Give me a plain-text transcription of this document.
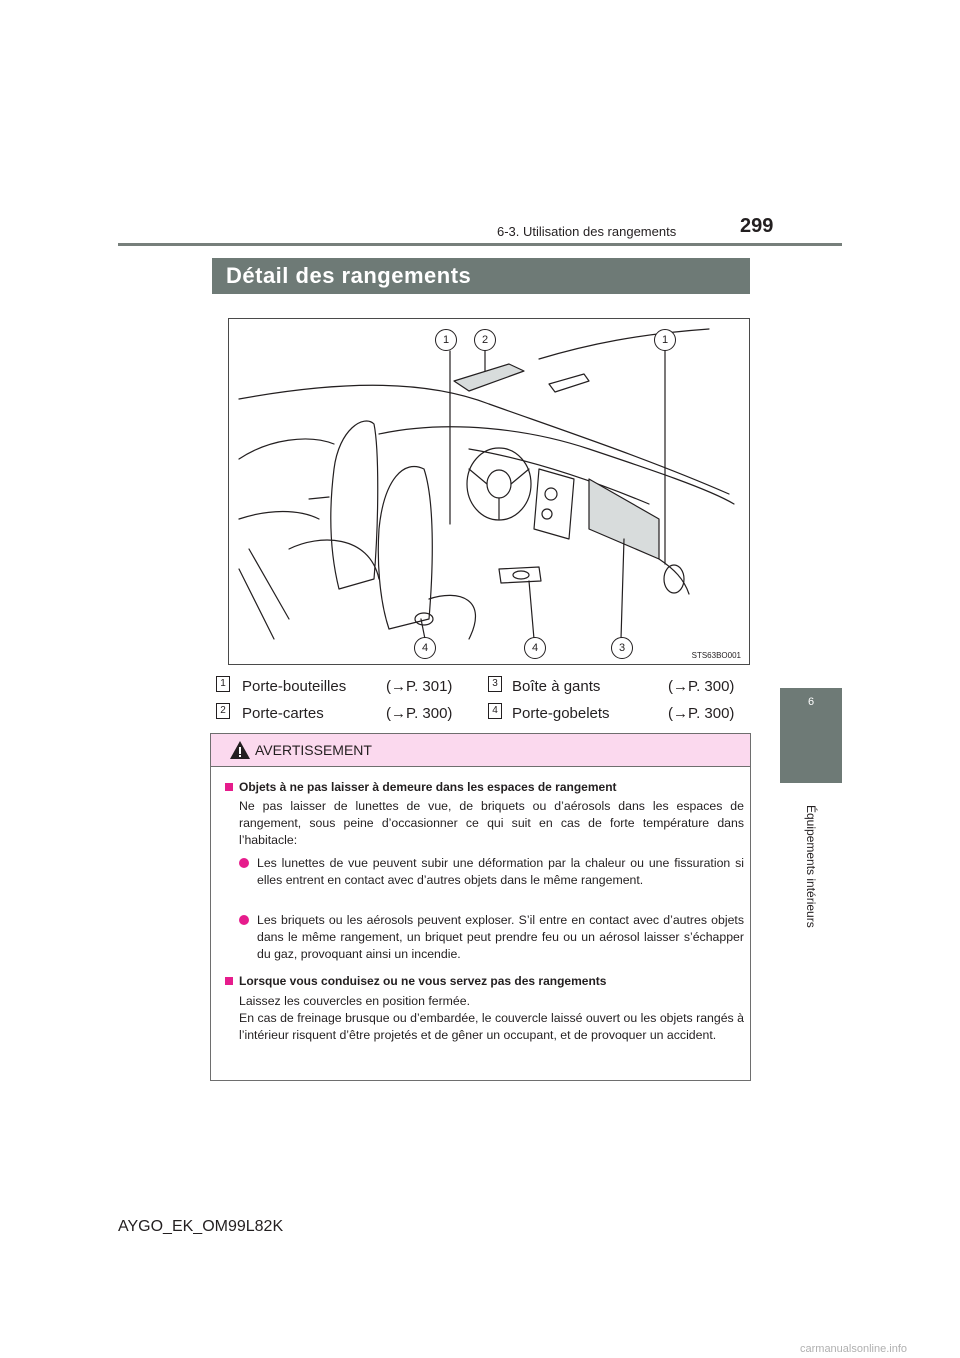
6-3. Utilisation des rangements	299
6
Équipements intérieurs
Détail des rangements
1	2	1
4	4	3
STS63BO001
1 Porte-bouteilles	(→P. 301)
2 Porte-cartes	(→P. 300)
3 Boîte à gants	(→P. 300)
4 Porte-gobelets	(→P. 300)
AVERTISSEMENT
Objets à ne pas laisser à demeure dans les espaces de rangement
Ne pas laisser de lunettes de vue, de briquets ou d’aérosols dans les espaces de rangement, sous peine d’occasionner ce qui suit en cas de forte température dans l’habitacle:
Les lunettes de vue peuvent subir une déformation par la chaleur ou une fissuration si elles entrent en contact avec d’autres objets dans le même rangement.
Les briquets ou les aérosols peuvent exploser. S’il entre en contact avec d’autres objets dans le même rangement, un briquet peut prendre feu ou un aérosol laisser s’échapper du gaz, provoquant ainsi un incendie.
Lorsque vous conduisez ou ne vous servez pas des rangements
Laissez les couvercles en position fermée.
En cas de freinage brusque ou d’embardée, le couvercle laissé ouvert ou les objets rangés à l’intérieur risquent d’être projetés et de gêner un occupant, et de provoquer un accident.
AYGO_EK_OM99L82K
carmanualsonline.info
